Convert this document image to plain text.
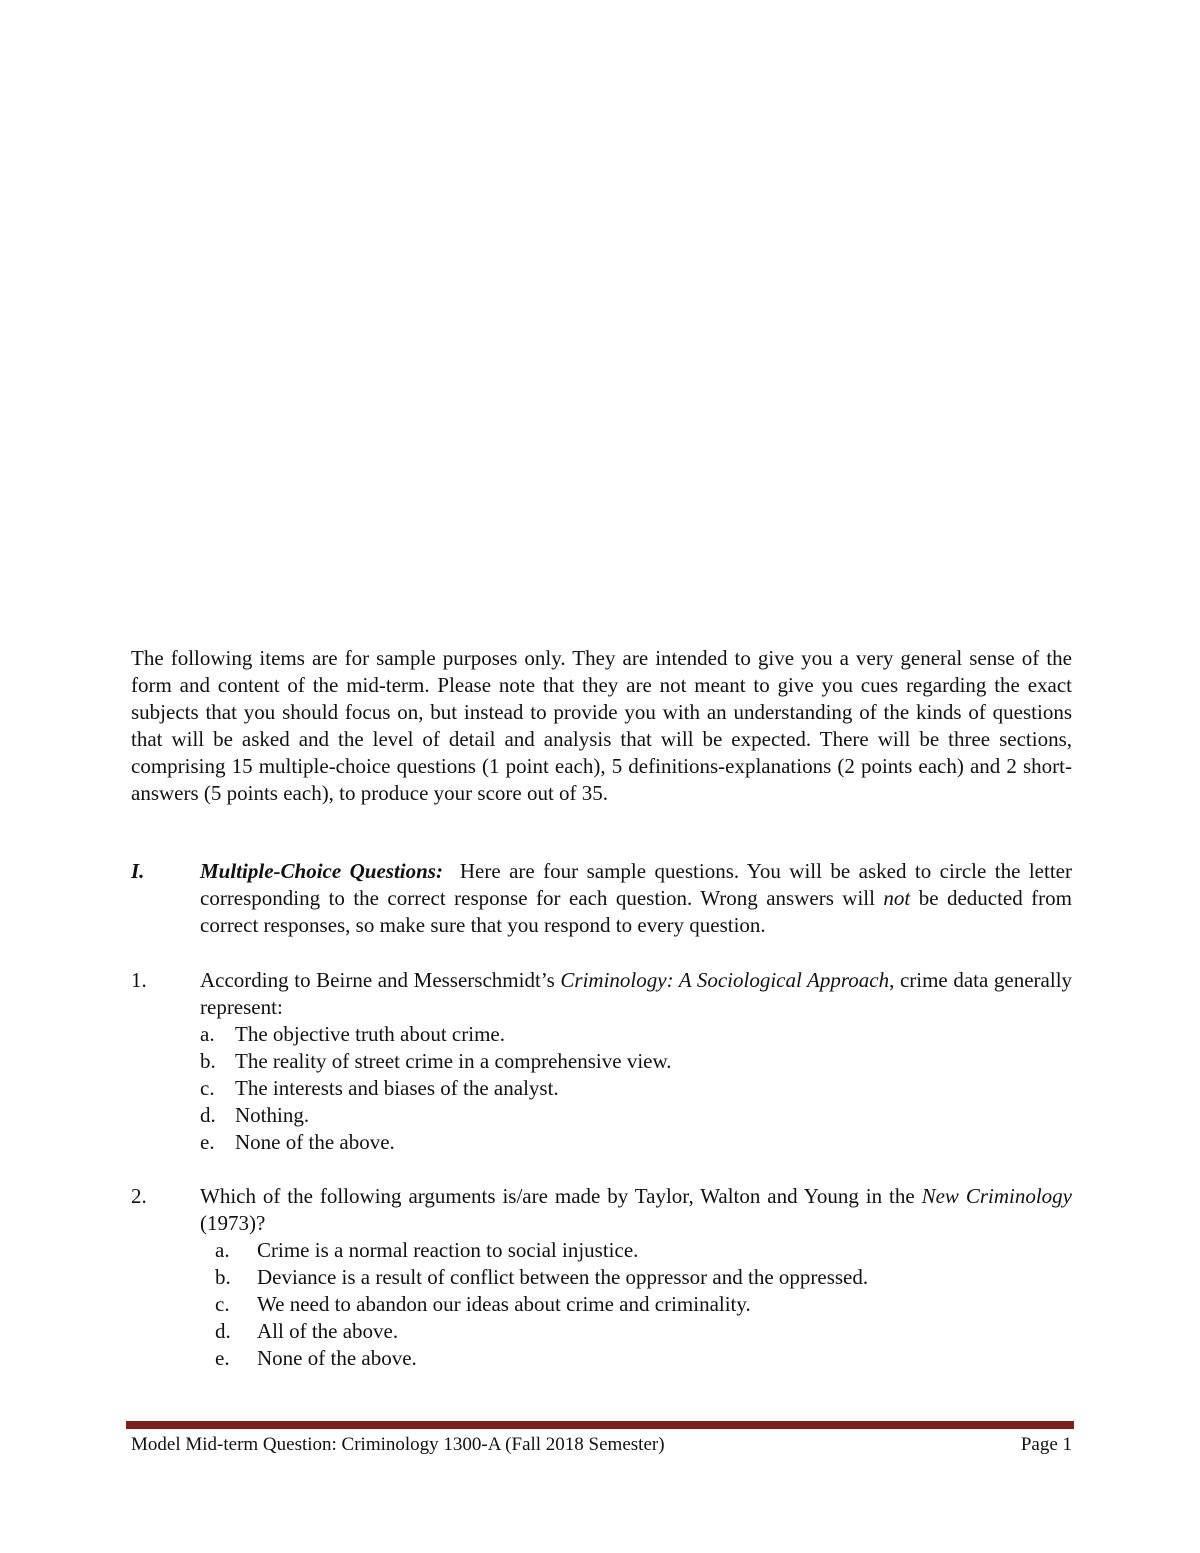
The following items are for sample purposes only. They are intended to give you a very general sense of the form and content of the mid-term. Please note that they are not meant to give you cues regarding the exact subjects that you should focus on, but instead to provide you with an understanding of the kinds of questions that will be asked and the level of detail and analysis that will be expected. There will be three sections, comprising 15 multiple-choice questions (1 point each), 5 definitions-explanations (2 points each) and 2 short-answers (5 points each), to produce your score out of 35.

I.	Multiple-Choice Questions: Here are four sample questions. You will be asked to circle the letter corresponding to the correct response for each question. Wrong answers will not be deducted from correct responses, so make sure that you respond to every question.
1.	According to Beirne and Messerschmidt’s Criminology: A Sociological Approach, crime data generally represent:
a. The objective truth about crime.
b. The reality of street crime in a comprehensive view.
c. The interests and biases of the analyst.
d. Nothing.
e. None of the above.
2.	Which of the following arguments is/are made by Taylor, Walton and Young in the New Criminology (1973)?
a. Crime is a normal reaction to social injustice.
b. Deviance is a result of conflict between the oppressor and the oppressed.
c. We need to abandon our ideas about crime and criminality.
d. All of the above.
e. None of the above.
Model Mid-term Question: Criminology 1300-A (Fall 2018 Semester)	Page 1
